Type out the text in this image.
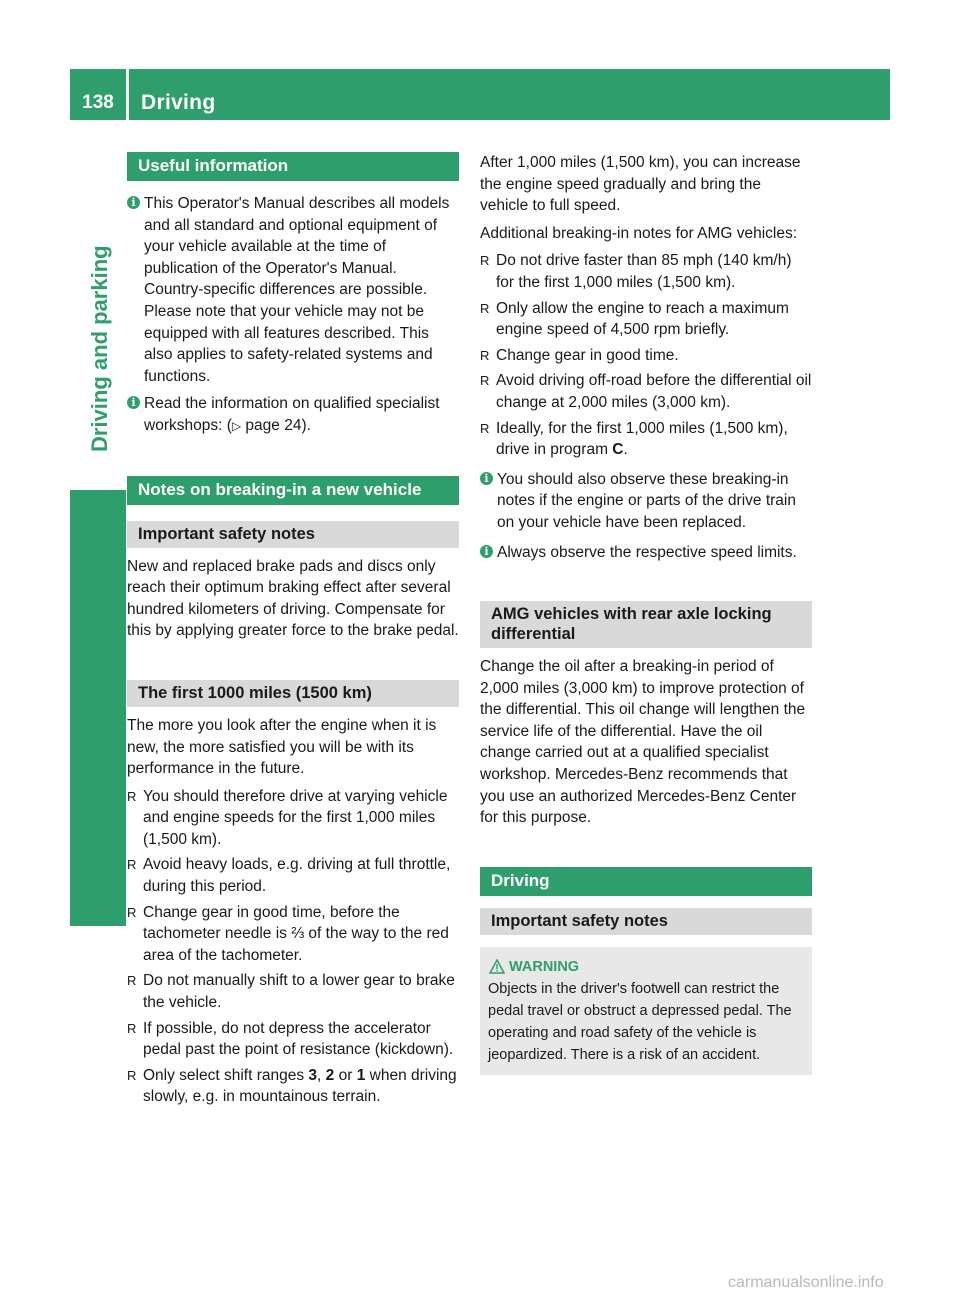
138	Driving
Driving and parking
Useful information
i This Operator's Manual describes all models and all standard and optional equipment of your vehicle available at the time of publication of the Operator's Manual. Country-specific differences are possible. Please note that your vehicle may not be equipped with all features described. This also applies to safety-related systems and functions.

i Read the information on qualified specialist workshops: (▷ page 24).

Notes on breaking-in a new vehicle
Important safety notes

New and replaced brake pads and discs only reach their optimum braking effect after several hundred kilometers of driving. Compensate for this by applying greater force to the brake pedal.

The first 1000 miles (1500 km)

The more you look after the engine when it is new, the more satisfied you will be with its performance in the future.

R You should therefore drive at varying vehicle and engine speeds for the first 1,000 miles (1,500 km).
R Avoid heavy loads, e.g. driving at full throttle, during this period.
R Change gear in good time, before the tachometer needle is ⅔ of the way to the red area of the tachometer.
R Do not manually shift to a lower gear to brake the vehicle.
R If possible, do not depress the accelerator pedal past the point of resistance (kickdown).
R Only select shift ranges 3, 2 or 1 when driving slowly, e.g. in mountainous terrain.

After 1,000 miles (1,500 km), you can increase the engine speed gradually and bring the vehicle to full speed.

Additional breaking-in notes for AMG vehicles:

R Do not drive faster than 85 mph (140 km/h) for the first 1,000 miles (1,500 km).
R Only allow the engine to reach a maximum engine speed of 4,500 rpm briefly.
R Change gear in good time.
R Avoid driving off-road before the differential oil change at 2,000 miles (3,000 km).
R Ideally, for the first 1,000 miles (1,500 km), drive in program C.
i You should also observe these breaking-in notes if the engine or parts of the drive train on your vehicle have been replaced.

i Always observe the respective speed limits.

AMG vehicles with rear axle locking differential

Change the oil after a breaking-in period of 2,000 miles (3,000 km) to improve protection of the differential. This oil change will lengthen the service life of the differential. Have the oil change carried out at a qualified specialist workshop. Mercedes-Benz recommends that you use an authorized Mercedes-Benz Center for this purpose.

Driving
Important safety notes
WARNING

Objects in the driver's footwell can restrict the pedal travel or obstruct a depressed pedal. The operating and road safety of the vehicle is jeopardized. There is a risk of an accident.

carmanualsonline.info
